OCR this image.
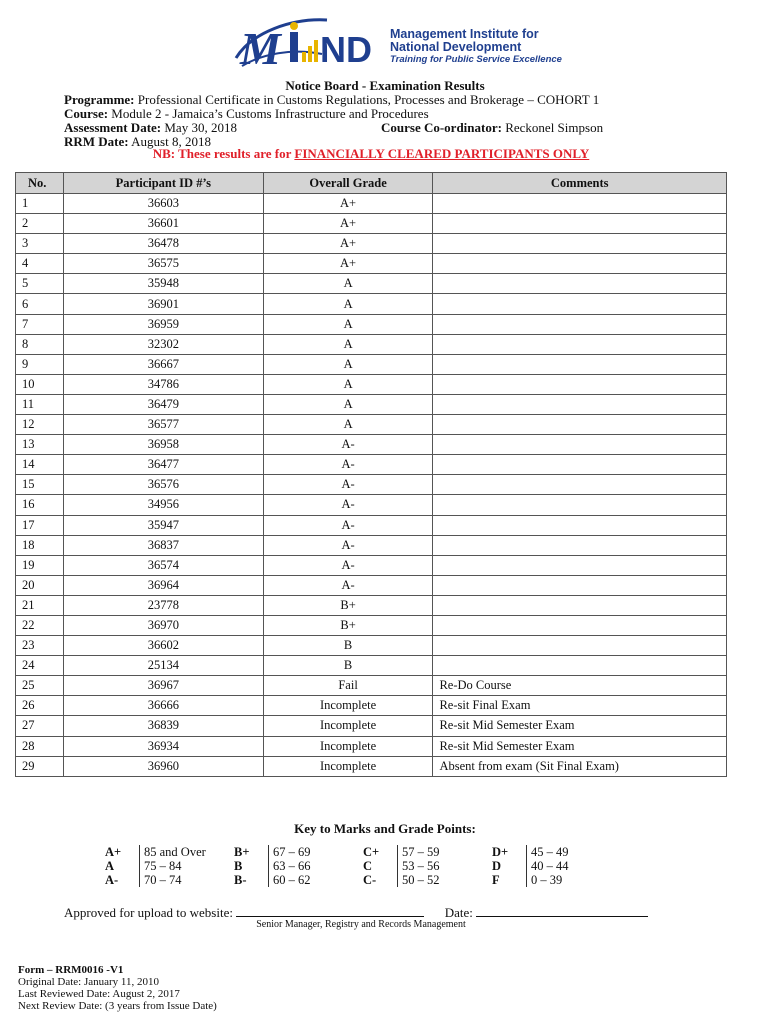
M ND Management Institute for
National Development
Training for Public Service Excellence
Notice Board - Examination Results
Programme: Professional Certificate in Customs Regulations, Processes and Brokerage – COHORT 1
Course: Module 2 - Jamaica’s Customs Infrastructure and Procedures
Assessment Date: May 30, 2018	Course Co-ordinator: Reckonel Simpson
RRM Date: August 8, 2018
NB: These results are for FINANCIALLY CLEARED PARTICIPANTS ONLY
No.	Participant ID #’s	Overall Grade	Comments
1	36603	A+	
2	36601	A+	
3	36478	A+	
4	36575	A+	
5	35948	A	
6	36901	A	
7	36959	A	
8	32302	A	
9	36667	A	
10	34786	A	
11	36479	A	
12	36577	A	
13	36958	A-	
14	36477	A-	
15	36576	A-	
16	34956	A-	
17	35947	A-	
18	36837	A-	
19	36574	A-	
20	36964	A-	
21	23778	B+	
22	36970	B+	
23	36602	B	
24	25134	B	
25	36967	Fail	Re-Do Course
26	36666	Incomplete	Re-sit Final Exam
27	36839	Incomplete	Re-sit Mid Semester Exam
28	36934	Incomplete	Re-sit Mid Semester Exam
29	36960	Incomplete	Absent from exam (Sit Final Exam)
Key to Marks and Grade Points:
A+	85 and Over	B+	67 – 69	C+	57 – 59	D+	45 – 49
A	75 – 84	B	63 – 66	C	53 – 56	D	40 – 44
A-	70 – 74	B-	60 – 62	C-	50 – 52	F	0 – 39
Approved for upload to website:	Date:
Senior Manager, Registry and Records Management
Form – RRM0016 -V1
Original Date: January 11, 2010
Last Reviewed Date: August 2, 2017
Next Review Date: (3 years from Issue Date)
